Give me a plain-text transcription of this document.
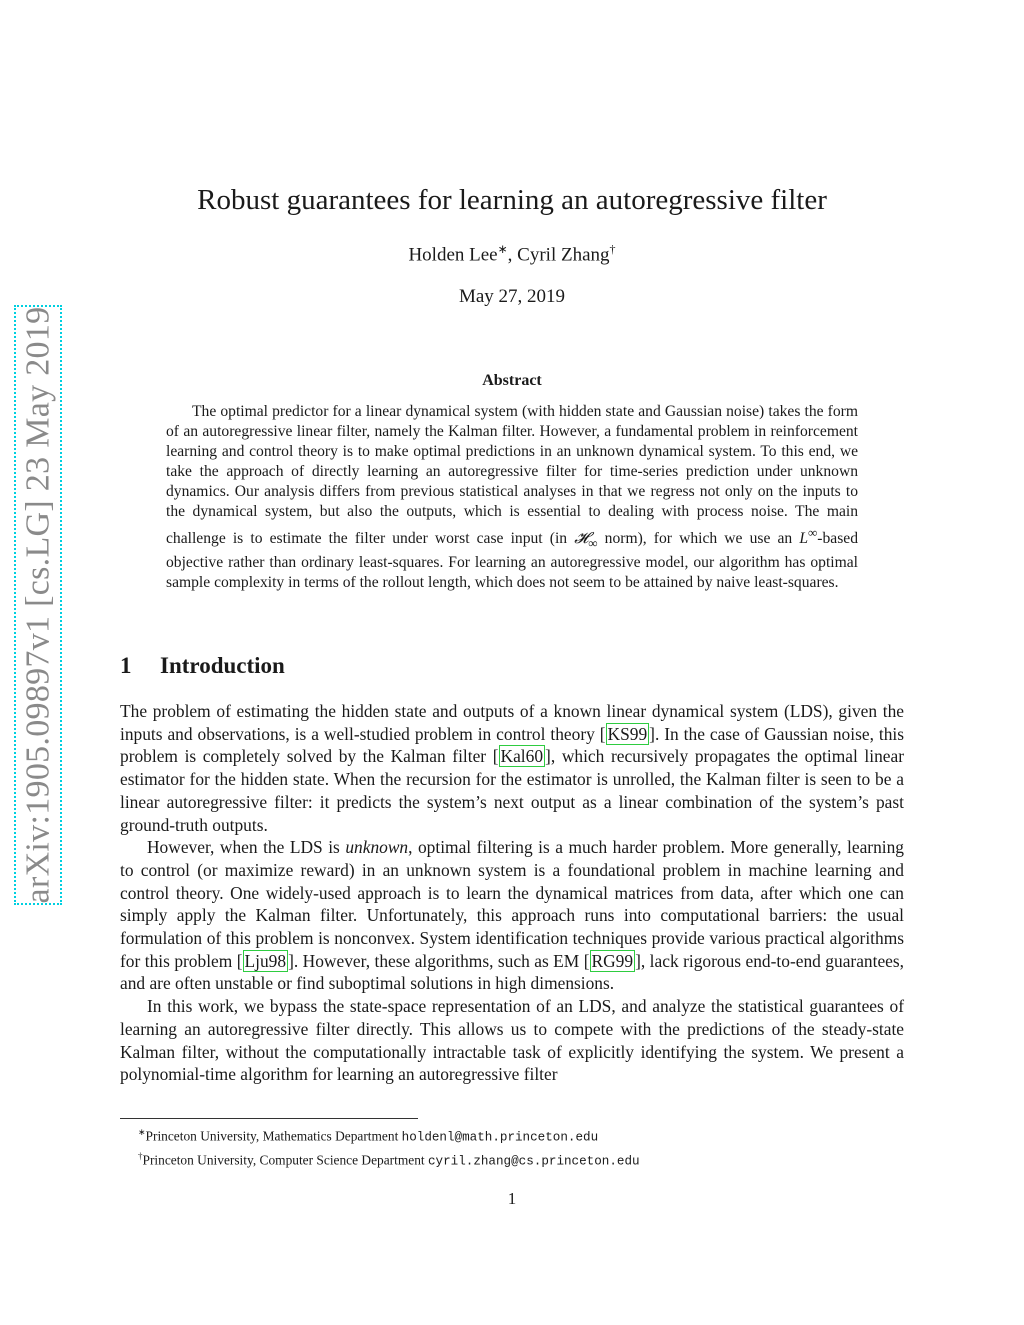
arXiv:1905.09897v1 [cs.LG] 23 May 2019
Robust guarantees for learning an autoregressive filter
Holden Lee∗, Cyril Zhang†
May 27, 2019
Abstract
The optimal predictor for a linear dynamical system (with hidden state and Gaussian noise) takes the form of an autoregressive linear filter, namely the Kalman filter. However, a fundamental problem in reinforcement learning and control theory is to make optimal predictions in an unknown dynamical system. To this end, we take the approach of directly learning an autoregressive filter for time-series prediction under unknown dynamics. Our analysis differs from previous statistical analyses in that we regress not only on the inputs to the dynamical system, but also the outputs, which is essential to dealing with process noise. The main challenge is to estimate the filter under worst case input (in 𝓗$_\infty$ norm), for which we use an L∞-based objective rather than ordinary least-squares. For learning an autoregressive model, our algorithm has optimal sample complexity in terms of the rollout length, which does not seem to be attained by naive least-squares.
1 Introduction

The problem of estimating the hidden state and outputs of a known linear dynamical system (LDS), given the inputs and observations, is a well-studied problem in control theory [ KS99 ]. In the case of Gaussian noise, this problem is completely solved by the Kalman filter [ Kal60 ], which recursively propagates the optimal linear estimator for the hidden state. When the recursion for the estimator is unrolled, the Kalman filter is seen to be a linear autoregressive filter: it predicts the system’s next output as a linear combination of the system’s past ground-truth outputs.

However, when the LDS is unknown, optimal filtering is a much harder problem. More generally, learning to control (or maximize reward) in an unknown system is a foundational problem in machine learning and control theory. One widely-used approach is to learn the dynamical matrices from data, after which one can simply apply the Kalman filter. Unfortunately, this approach runs into computational barriers: the usual formulation of this problem is nonconvex. System identification techniques provide various practical algorithms for this problem [ Lju98 ]. However, these algorithms, such as EM [ RG99 ], lack rigorous end-to-end guarantees, and are often unstable or find suboptimal solutions in high dimensions.

In this work, we bypass the state-space representation of an LDS, and analyze the statistical guarantees of learning an autoregressive filter directly. This allows us to compete with the predictions of the steady-state Kalman filter, without the computationally intractable task of explicitly identifying the system. We present a polynomial-time algorithm for learning an autoregressive filter

∗Princeton University, Mathematics Department holdenl@math.princeton.edu
†Princeton University, Computer Science Department cyril.zhang@cs.princeton.edu
1
